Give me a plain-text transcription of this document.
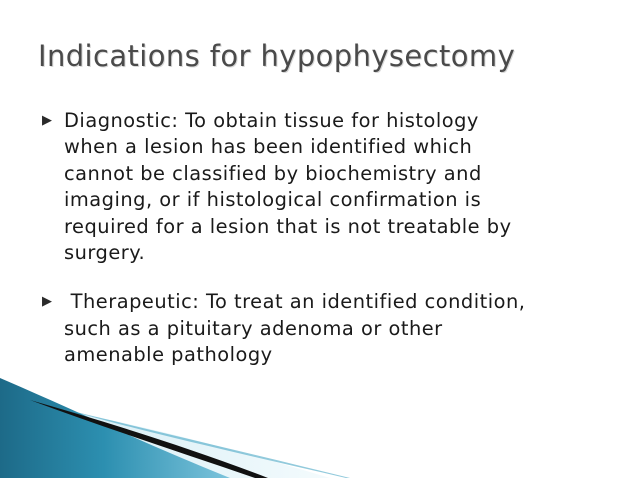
Indications for hypophysectomy
▶ Diagnostic: To obtain tissue for histology
when a lesion has been identified which
cannot be classified by biochemistry and
imaging, or if histological confirmation is
required for a lesion that is not treatable by
surgery.
▶ Therapeutic: To treat an identified condition,
such as a pituitary adenoma or other
amenable pathology
